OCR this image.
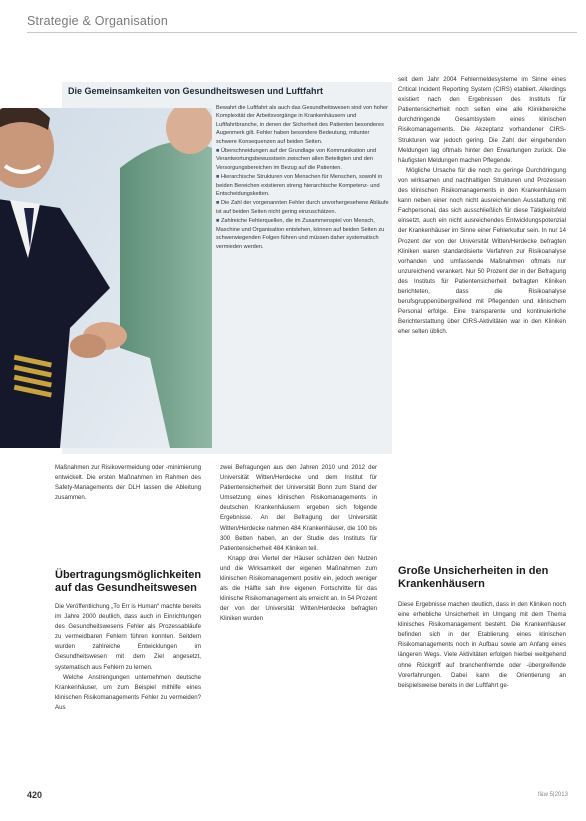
Strategie & Organisation
Die Gemeinsamkeiten von Gesundheitswesen und Luftfahrt

Bewahrt die Luftfahrt als auch das Gesundheitswesen sind von hoher Komplexität der Arbeitsvorgänge in Krankenhäusern und Luftfahrtbranche, in denen der Sicherheit des Patienten besonderes Augenmerk gilt. Fehler haben besondere Bedeutung, mitunter schwere Konsequenzen auf beiden Seiten.

■ Überschneidungen auf der Grundlage von Kommunikation und Verantwortungsbewusstsein zwischen allen Beteiligten und den Versorgungsbereichen im Bezug auf die Patienten.

■ Hierarchische Strukturen von Menschen für Menschen, sowohl in beiden Bereichen existieren streng hierarchische Kompetenz- und Entscheidungsketten.

■ Die Zahl der vorgenannten Fehler durch unvorhergesehene Abläufe ist auf beiden Seiten nicht gering einzuschätzen.

■ Zahlreiche Fehlerquellen, die im Zusammenspiel von Mensch, Maschine und Organisation entstehen, können auf beiden Seiten zu schwerwiegenden Folgen führen und müssen daher systematisch vermieden werden.

Maßnahmen zur Risikovermeidung oder -minimierung entwickelt. Die ersten Maßnahmen im Rahmen des Safety-Managements der DLH lassen die Ableitung zusammen.

Übertragungsmöglichkeiten auf das Gesundheitswesen

Die Veröffentlichung „To Err is Human“ machte bereits im Jahre 2000 deutlich, dass auch in Einrichtungen des Gesundheitswesens Fehler als Prozessabläufe zu vermeidbaren Fehlern führen konnten. Seitdem wurden zahlreiche Entwicklungen im Gesundheitswesen mit dem Ziel angesetzt, systematisch aus Fehlern zu lernen.

Welche Anstrengungen unternehmen deutsche Krankenhäuser, um zum Beispiel mithilfe eines klinischen Risikomanagements Fehler zu vermeiden? Aus

zwei Befragungen aus den Jahren 2010 und 2012 der Universität Witten/Herdecke und dem Institut für Patientensicherheit der Universität Bonn zum Stand der Umsetzung eines klinischen Risikomanagements in deutschen Krankenhäusern ergeben sich folgende Ergebnisse. An der Befragung der Universität Witten/Herdecke nahmen 484 Krankenhäuser, die 100 bis 300 Betten haben, an der Studie des Instituts für Patientensicherheit 484 Kliniken teil.

Knapp drei Viertel der Häuser schätzen den Nutzen und die Wirksamkeit der eigenen Maßnahmen zum klinischen Risikomanagement positiv ein, jedoch weniger als die Hälfte sah ihre eigenen Fortschritte für das klinische Risikomanagement als erreicht an. In 54 Prozent der von der Universität Witten/Herdecke befragten Kliniken wurden

seit dem Jahr 2004 Fehlermeldesysteme im Sinne eines Critical Incident Reporting System (CIRS) etabliert. Allerdings existiert nach den Ergebnissen des Instituts für Patientensicherheit noch selten eine alle Klinikbereiche durchdringende Gesamtsystem eines klinischen Risikomanagements. Die Akzeptanz vorhandener CIRS-Strukturen war jedoch gering. Die Zahl der eingehenden Meldungen lag oftmals hinter den Erwartungen zurück. Die häufigsten Meldungen machen Pflegende.

Mögliche Ursache für die noch zu geringe Durchdringung von wirksamen und nachhaltigen Strukturen und Prozessen des klinischen Risikomanagements in den Krankenhäusern kann neben einer noch nicht ausreichenden Ausstattung mit Fachpersonal, das sich ausschließlich für diese Tätigkeitsfeld einsetzt, auch ein nicht ausreichendes Entwicklungspotenzial der Krankenhäuser im Sinne einer Fehlerkultur sein. In nur 14 Prozent der von der Universität Witten/Herdecke befragten Kliniken waren standardisierte Verfahren zur Risikoanalyse vorhanden und umfassende Maßnahmen oftmals nur unzureichend verankert. Nur 50 Prozent der in der Befragung des Instituts für Patientensicherheit befragten Kliniken berichteten, dass die Risikoanalyse berufsgruppenübergreifend mit Pflegenden und klinischem Personal erfolge. Eine transparente und kontinuierliche Berichterstattung über CIRS-Aktivitäten war in den Kliniken eher selten üblich.

Große Unsicherheiten in den Krankenhäusern

Diese Ergebnisse machen deutlich, dass in den Kliniken noch eine erhebliche Unsicherheit im Umgang mit dem Thema klinisches Risikomanagement besteht. Die Krankenhäuser befinden sich in der Etablierung eines klinischen Risikomanagements noch in Aufbau sowie am Anfang eines längeren Wegs. Viele Aktivitäten erfolgen hierbei weitgehend ohne Rückgriff auf branchenfremde oder -übergreifende Vorerfahrungen. Dabei kann die Orientierung an beispielsweise bereits in der Luftfahrt ge-

420	f&w 5|2013
